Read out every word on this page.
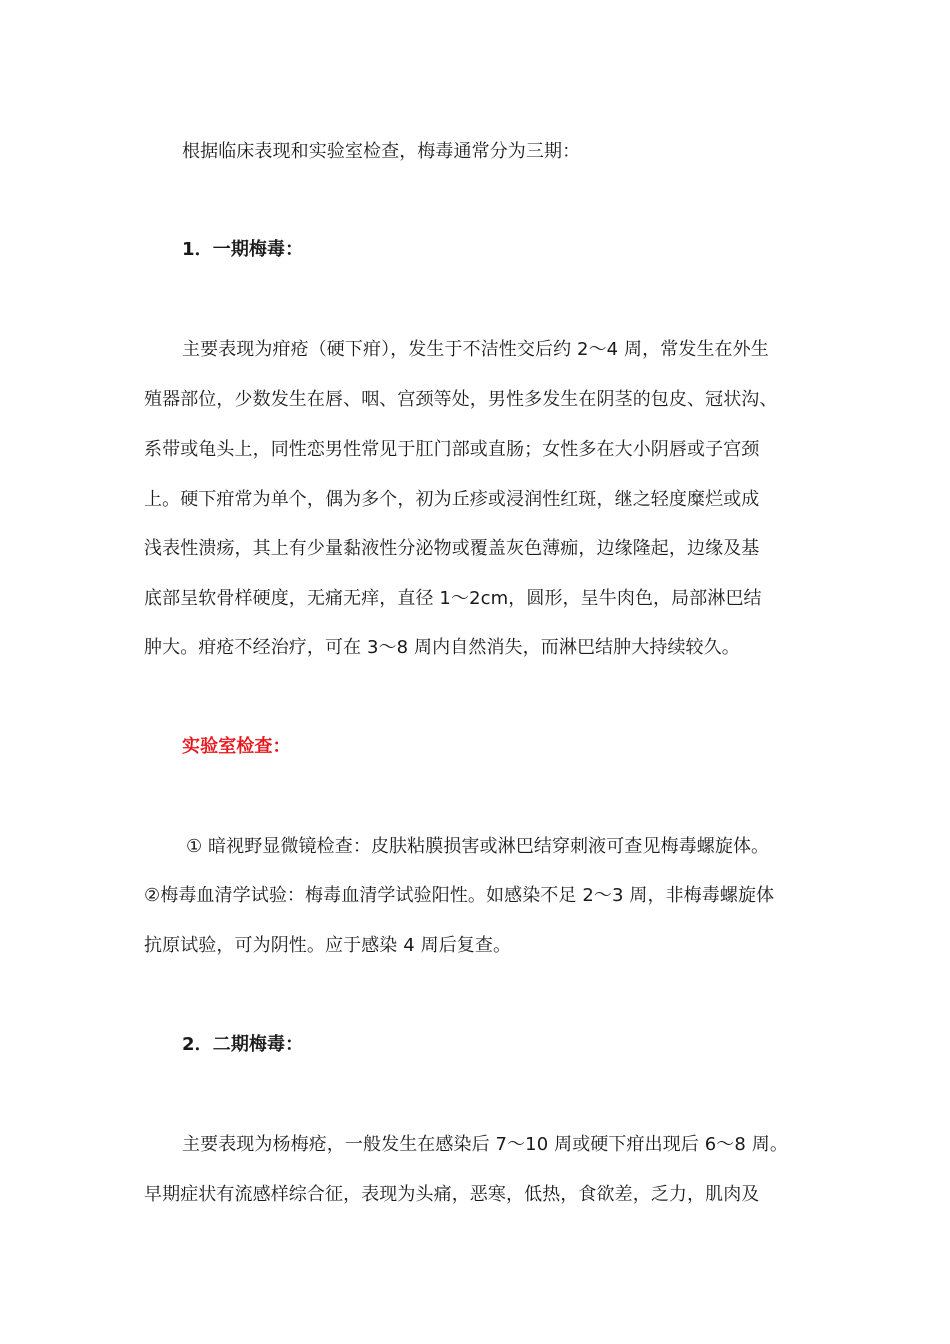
根据临床表现和实验室检查，梅毒通常分为三期：
1．一期梅毒：
主要表现为疳疮（硬下疳），发生于不洁性交后约 2～4 周，常发生在外生
殖器部位，少数发生在唇、咽、宫颈等处，男性多发生在阴茎的包皮、冠状沟、
系带或龟头上，同性恋男性常见于肛门部或直肠；女性多在大小阴唇或子宫颈
上。硬下疳常为单个，偶为多个，初为丘疹或浸润性红斑，继之轻度糜烂或成
浅表性溃疡，其上有少量黏液性分泌物或覆盖灰色薄痂，边缘隆起，边缘及基
底部呈软骨样硬度，无痛无痒，直径 1～2cm，圆形，呈牛肉色，局部淋巴结
肿大。疳疮不经治疗，可在 3～8 周内自然消失，而淋巴结肿大持续较久。
实验室检查：
① 暗视野显微镜检查：皮肤粘膜损害或淋巴结穿刺液可查见梅毒螺旋体。
②梅毒血清学试验：梅毒血清学试验阳性。如感染不足 2～3 周，非梅毒螺旋体
抗原试验，可为阴性。应于感染 4 周后复查。
2．二期梅毒：
主要表现为杨梅疮，一般发生在感染后 7～10 周或硬下疳出现后 6～8 周。
早期症状有流感样综合征，表现为头痛，恶寒，低热，食欲差，乏力，肌肉及
